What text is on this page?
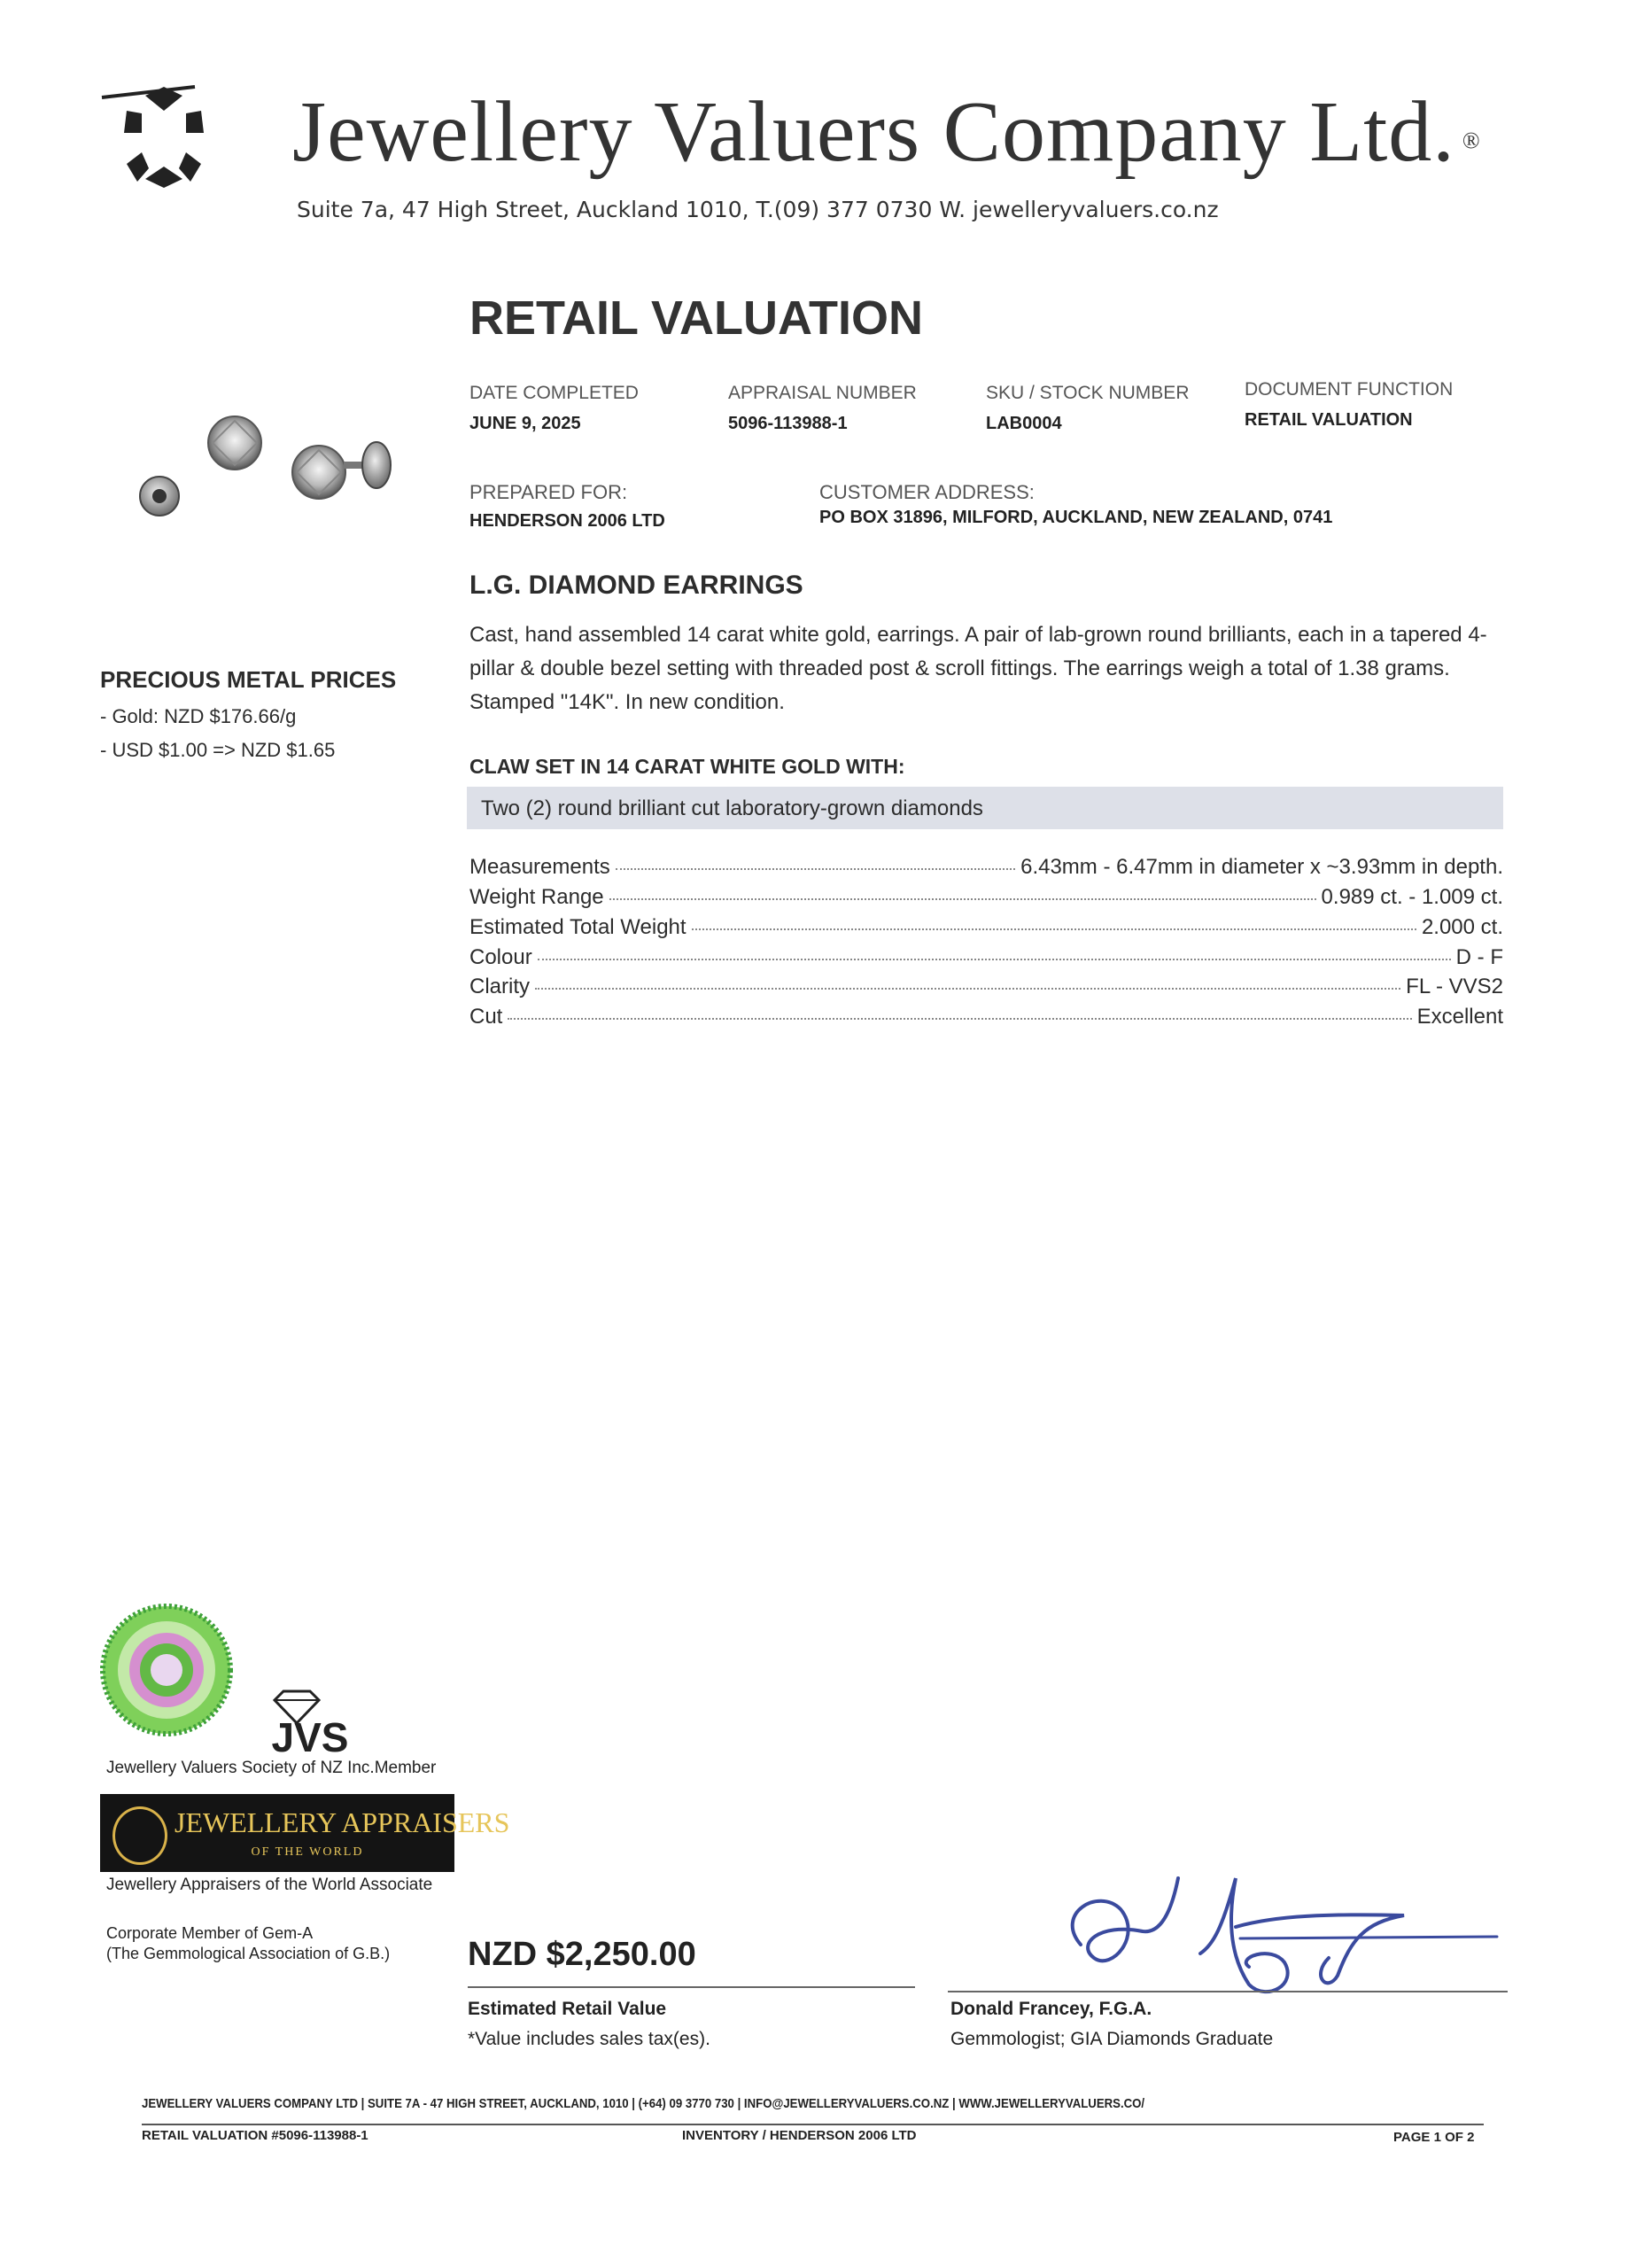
Jewellery Valuers Company Ltd. ®
Suite 7a, 47 High Street, Auckland 1010, T.(09) 377 0730 W. jewelleryvaluers.co.nz
RETAIL VALUATION
DATE COMPLETED
JUNE 9, 2025
APPRAISAL NUMBER
5096-113988-1
SKU / STOCK NUMBER
LAB0004
DOCUMENT FUNCTION
RETAIL VALUATION
PREPARED FOR:
HENDERSON 2006 LTD
CUSTOMER ADDRESS:
PO BOX 31896, MILFORD, AUCKLAND, NEW ZEALAND, 0741
PRECIOUS METAL PRICES
- Gold: NZD $176.66/g
- USD $1.00 => NZD $1.65
L.G. DIAMOND EARRINGS
Cast, hand assembled 14 carat white gold, earrings. A pair of lab-grown round brilliants, each in a tapered 4-pillar & double bezel setting with threaded post & scroll fittings. The earrings weigh a total of 1.38 grams. Stamped "14K". In new condition.
CLAW SET IN 14 CARAT WHITE GOLD WITH:
Two (2) round brilliant cut laboratory-grown diamonds
Measurements	6.43mm - 6.47mm in diameter x ~3.93mm in depth.
Weight Range	0.989 ct. - 1.009 ct.
Estimated Total Weight	2.000 ct.
Colour	D - F
Clarity	FL - VVS2
Cut	Excellent
JVS
Jewellery Valuers Society of NZ Inc.Member
JEWELLERY APPRAISERS
OF THE WORLD
Jewellery Appraisers of the World Associate
Corporate Member of Gem-A
(The Gemmological Association of G.B.) NZD $2,250.00
Estimated Retail Value
*Value includes sales tax(es).
Donald Francey, F.G.A.
Gemmologist; GIA Diamonds Graduate
JEWELLERY VALUERS COMPANY LTD | SUITE 7A - 47 HIGH STREET, AUCKLAND, 1010 | (+64) 09 3770 730 | INFO@JEWELLERYVALUERS.CO.NZ | WWW.JEWELLERYVALUERS.CO/
RETAIL VALUATION #5096-113988-1	INVENTORY / HENDERSON 2006 LTD	PAGE 1 OF 2
